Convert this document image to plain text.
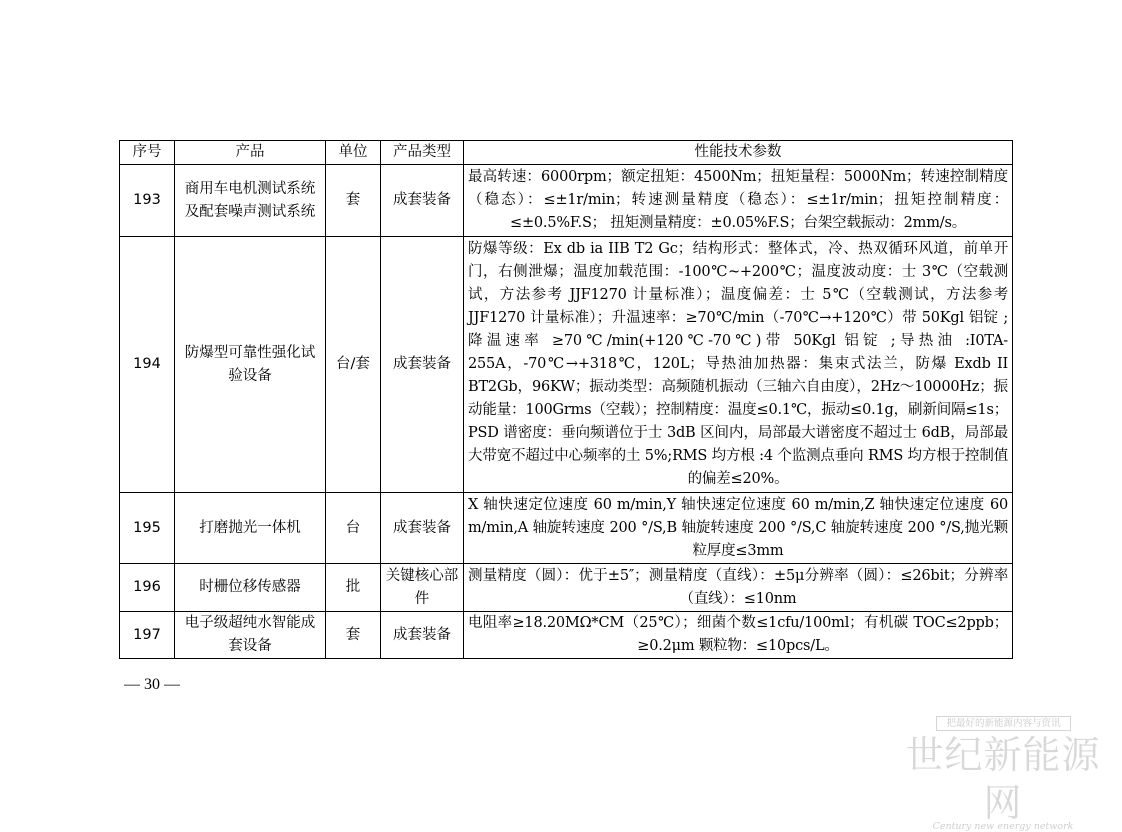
序号	产品	单位	产品类型	性能技术参数
193	商用车电机测试系统及配套噪声测试系统	套	成套装备	最高转速：6000rpm；额定扭矩：4500Nm；扭矩量程：5000Nm；转速控制精度（稳态）：≤±1r/min；转速测量精度（稳态）：≤±1r/min；扭矩控制精度：≤±0.5%F.S； 扭矩测量精度：±0.05%F.S；台架空载振动：2mm/s。
194	防爆型可靠性强化试验设备	台/套	成套装备	防爆等级：Ex db ia IIB T2 Gc；结构形式：整体式，冷、热双循环风道，前单开门，右侧泄爆；温度加载范围：-100℃~+200℃；温度波动度：士 3℃（空载测试，方法参考 JJF1270 计量标准）；温度偏差：士 5℃（空载测试，方法参考 JJF1270 计量标准）；升温速率：≥70℃/min（-70℃→+120℃）带 50Kgl 铝锭 ;降温速率 ≥70℃/min(+120℃-70℃)带 50Kgl 铝锭 ;导热油 :I0TA-255A，-70℃→+318℃，120L；导热油加热器：集束式法兰，防爆 Exdb II BT2Gb，96KW；振动类型：高频随机振动（三轴六自由度），2Hz～10000Hz；振动能量：100Grms（空载）；控制精度：温度≤0.1℃，振动≤0.1g，刷新间隔≤1s；PSD 谱密度：垂向频谱位于士 3dB 区间内，局部最大谱密度不超过士 6dB，局部最大带宽不超过中心频率的土 5%;RMS 均方根 :4 个监测点垂向 RMS 均方根于控制值的偏差≤20%。
195	打磨抛光一体机	台	成套装备	X 轴快速定位速度 60 m/min,Y 轴快速定位速度 60 m/min,Z 轴快速定位速度 60 m/min,A 轴旋转速度 200 °/S,B 轴旋转速度 200 °/S,C 轴旋转速度 200 °/S,抛光颗粒厚度≤3mm
196	时栅位移传感器	批	关键核心部件	测量精度（圆）：优于±5″；测量精度（直线）：±5μ分辨率（圆）：≤26bit；分辨率（直线）：≤10nm
197	电子级超纯水智能成套设备	套	成套装备	电阻率≥18.20MΩ*CM（25℃）；细菌个数≤1cfu/100ml；有机碳 TOC≤2ppb；≥0.2μm 颗粒物：≤10pcs/L。
— 30 —
把最好的新能源内容与资讯
世纪新能源网
Century new energy network
